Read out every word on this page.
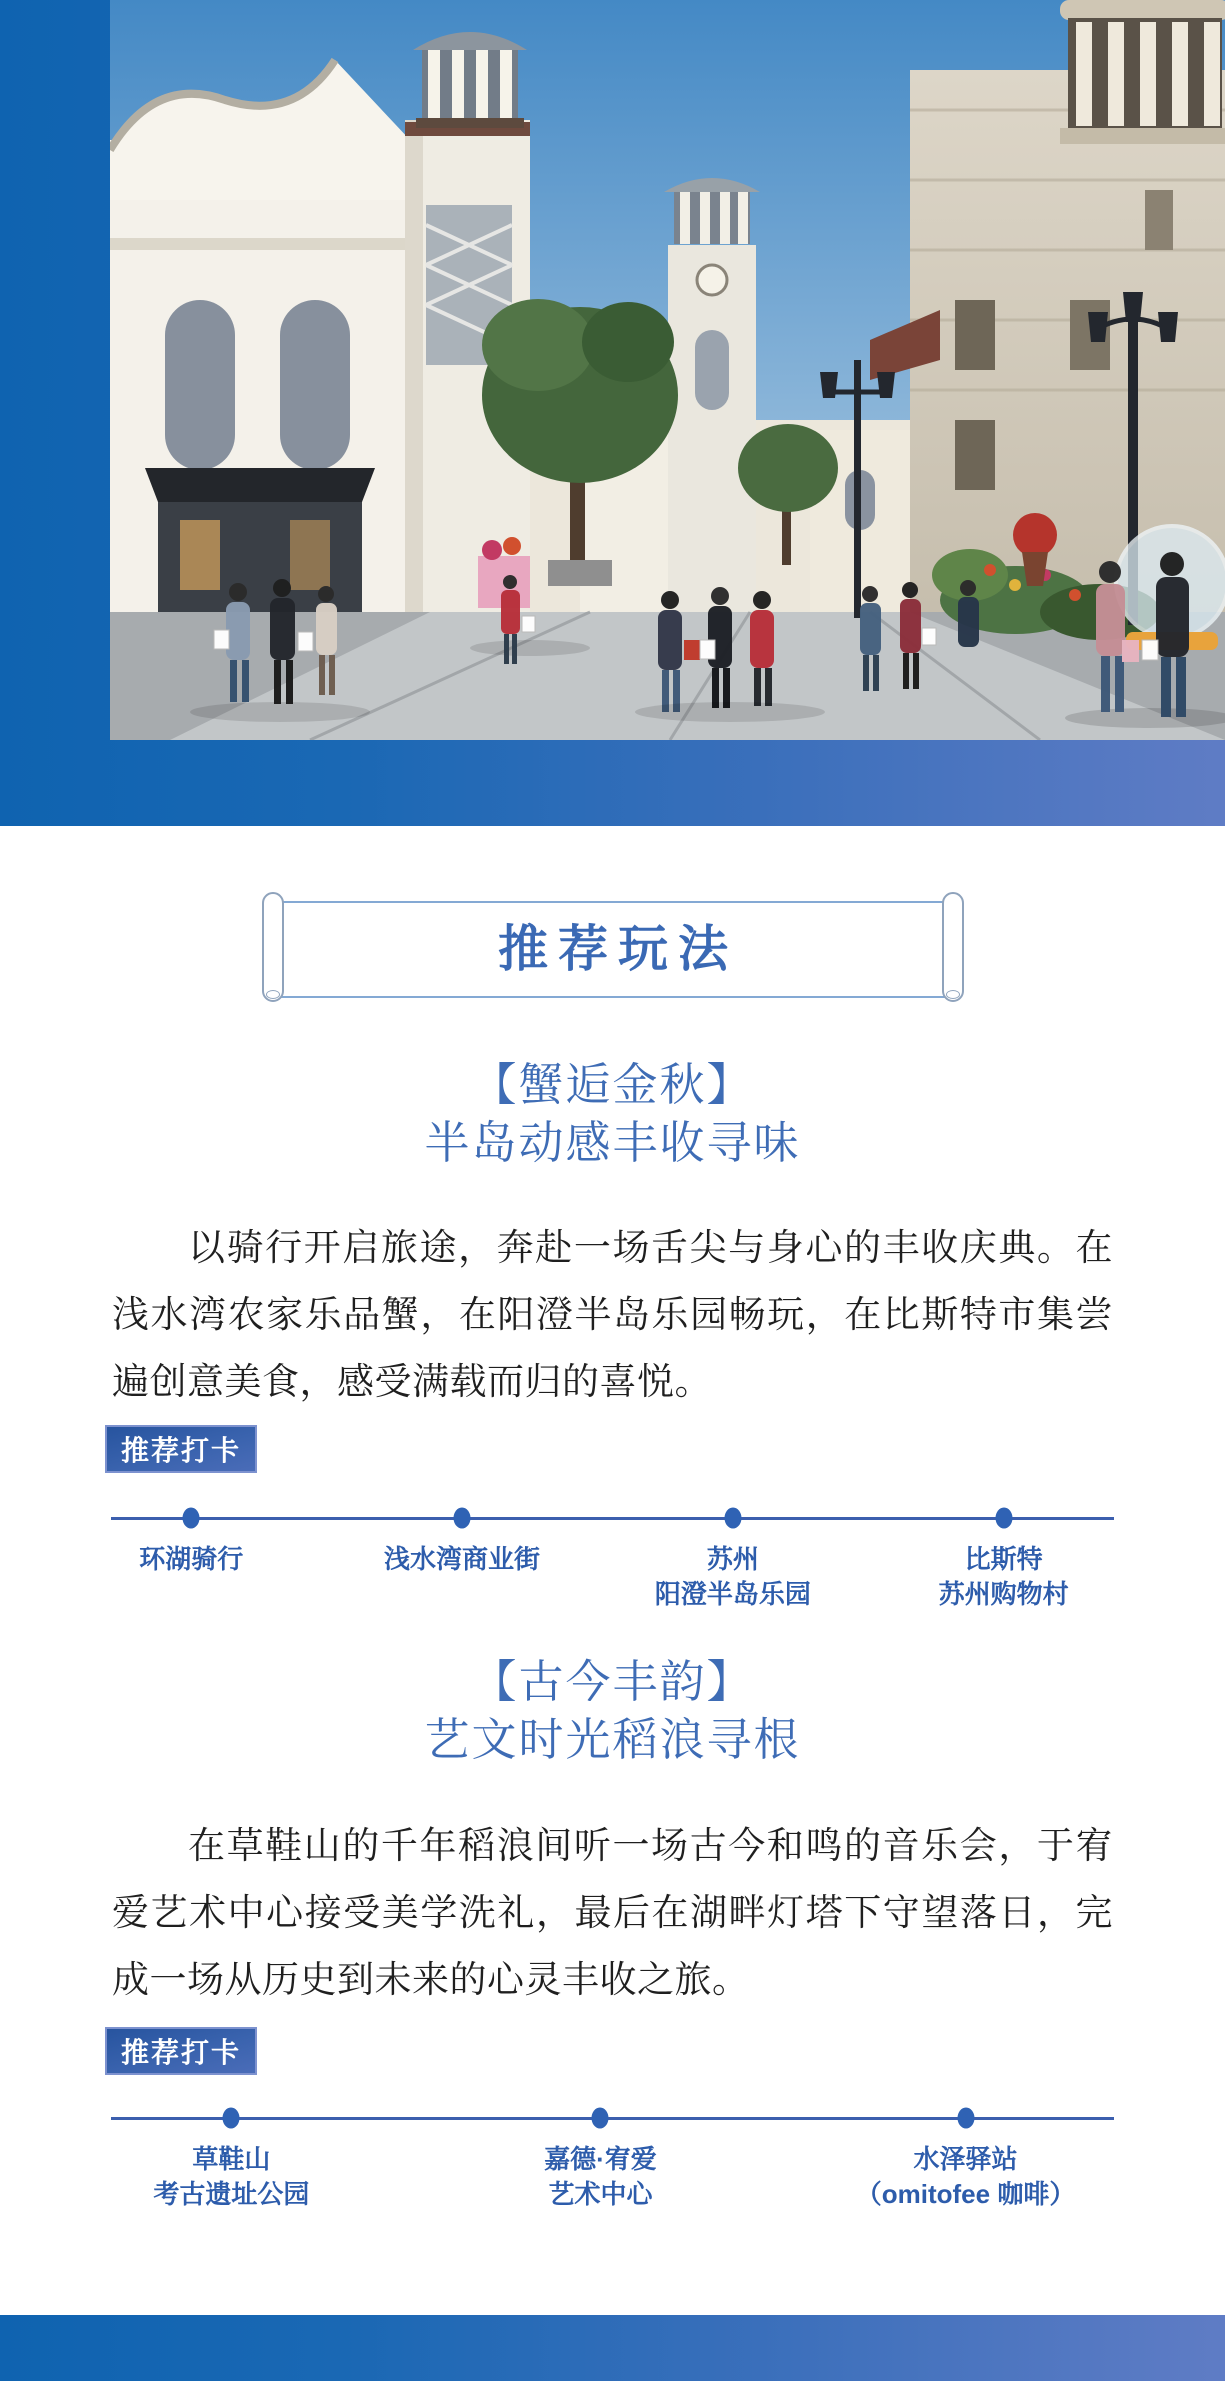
推荐玩法
【蟹逅金秋】
半岛动感丰收寻味

以骑行开启旅途，奔赴一场舌尖与身心的丰收庆典。在浅水湾农家乐品蟹，在阳澄半岛乐园畅玩，在比斯特市集尝遍创意美食，感受满载而归的喜悦。

推荐打卡
环湖骑行	浅水湾商业街	苏州
阳澄半岛乐园
比斯特
苏州购物村
【古今丰韵】
艺文时光稻浪寻根

在草鞋山的千年稻浪间听一场古今和鸣的音乐会，于宥爱艺术中心接受美学洗礼，最后在湖畔灯塔下守望落日，完成一场从历史到未来的心灵丰收之旅。

推荐打卡
草鞋山
考古遗址公园
嘉德·宥爱
艺术中心
水泽驿站
（omitofee 咖啡）
